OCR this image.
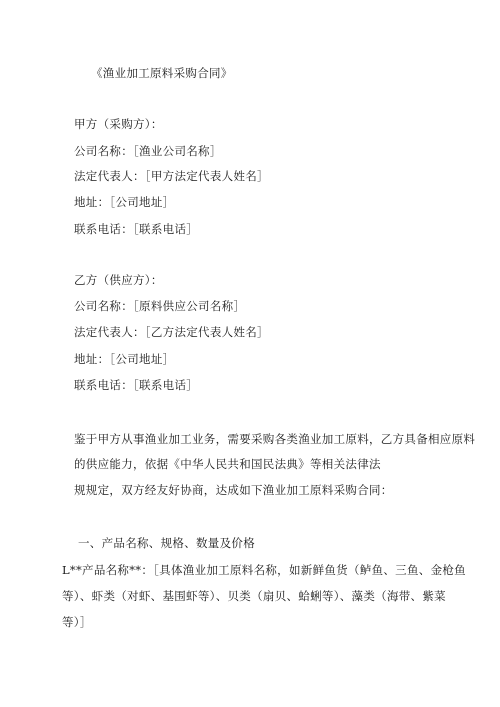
《渔业加工原料采购合同》
甲方（采购方）：
公司名称：［渔业公司名称］
法定代表人：［甲方法定代表人姓名］
地址：［公司地址］
联系电话：［联系电话］
乙方（供应方）：
公司名称：［原料供应公司名称］
法定代表人：［乙方法定代表人姓名］
地址：［公司地址］
联系电话：［联系电话］
鉴于甲方从事渔业加工业务，需要采购各类渔业加工原料，乙方具备相应原料
的供应能力，依据《中华人民共和国民法典》等相关法律法
规规定，双方经友好协商，达成如下渔业加工原料采购合同：
一、产品名称、规格、数量及价格
L**产品名称**：［具体渔业加工原料名称，如新鲜鱼货（鲈鱼、三鱼、金枪鱼
等）、虾类（对虾、基围虾等）、贝类（扇贝、蛤蜊等）、藻类（海带、紫菜
等）］
